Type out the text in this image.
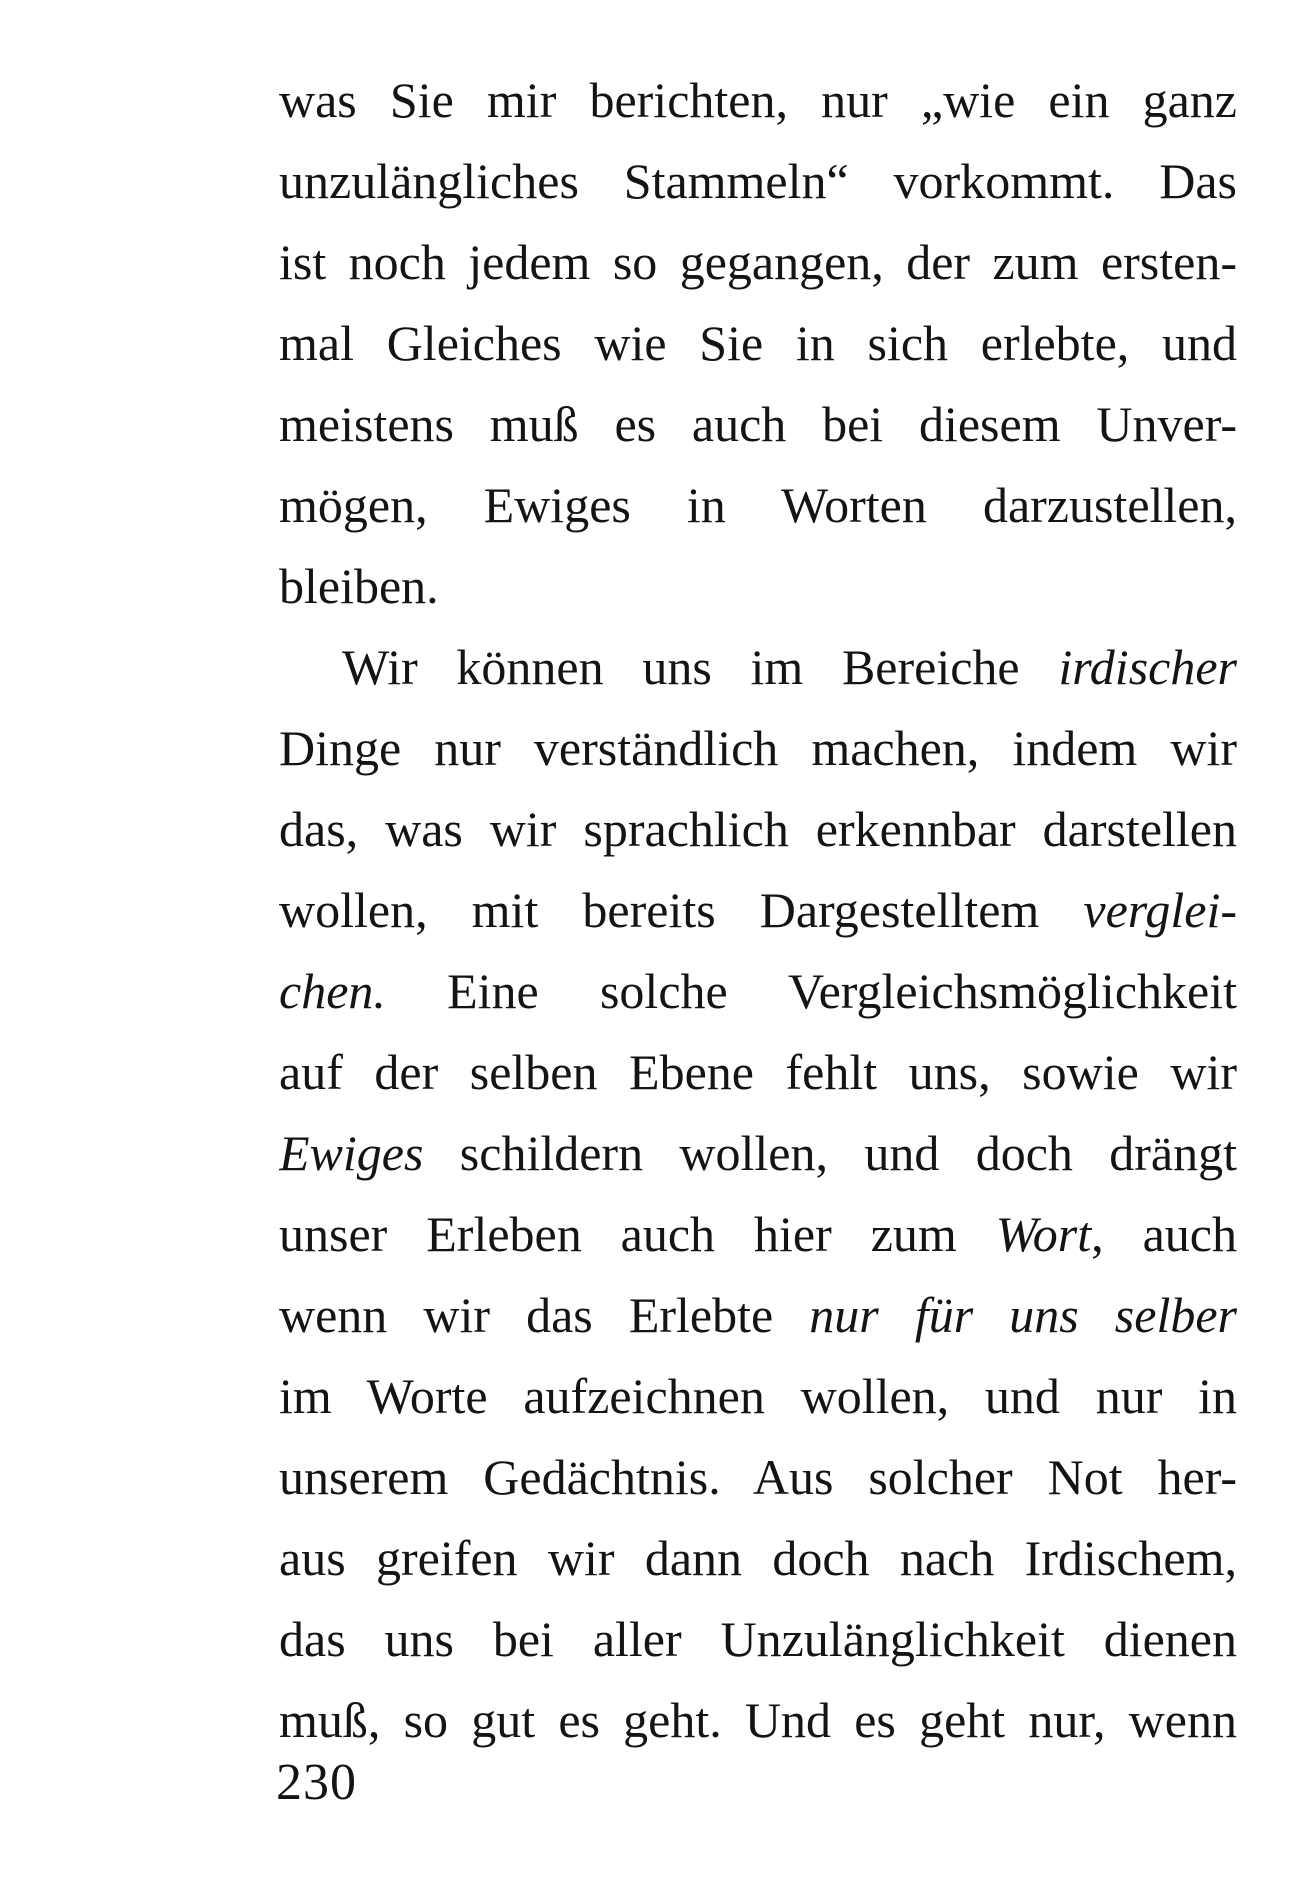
was Sie mir berichten, nur „wie ein ganz
unzulängliches Stammeln“ vorkommt. Das
ist noch jedem so gegangen, der zum ersten-
mal Gleiches wie Sie in sich erlebte, und
meistens muß es auch bei diesem Unver-
mögen, Ewiges in Worten darzustellen,
bleiben.
Wir können uns im Bereiche irdischer
Dinge nur verständlich machen, indem wir
das, was wir sprachlich erkennbar darstellen
wollen, mit bereits Dargestelltem verglei-
chen. Eine solche Vergleichsmöglichkeit
auf der selben Ebene fehlt uns, sowie wir
Ewiges schildern wollen, und doch drängt
unser Erleben auch hier zum Wort, auch
wenn wir das Erlebte nur für uns selber
im Worte aufzeichnen wollen, und nur in
unserem Gedächtnis. Aus solcher Not her-
aus greifen wir dann doch nach Irdischem,
das uns bei aller Unzulänglichkeit dienen
muß, so gut es geht. Und es geht nur, wenn
230
